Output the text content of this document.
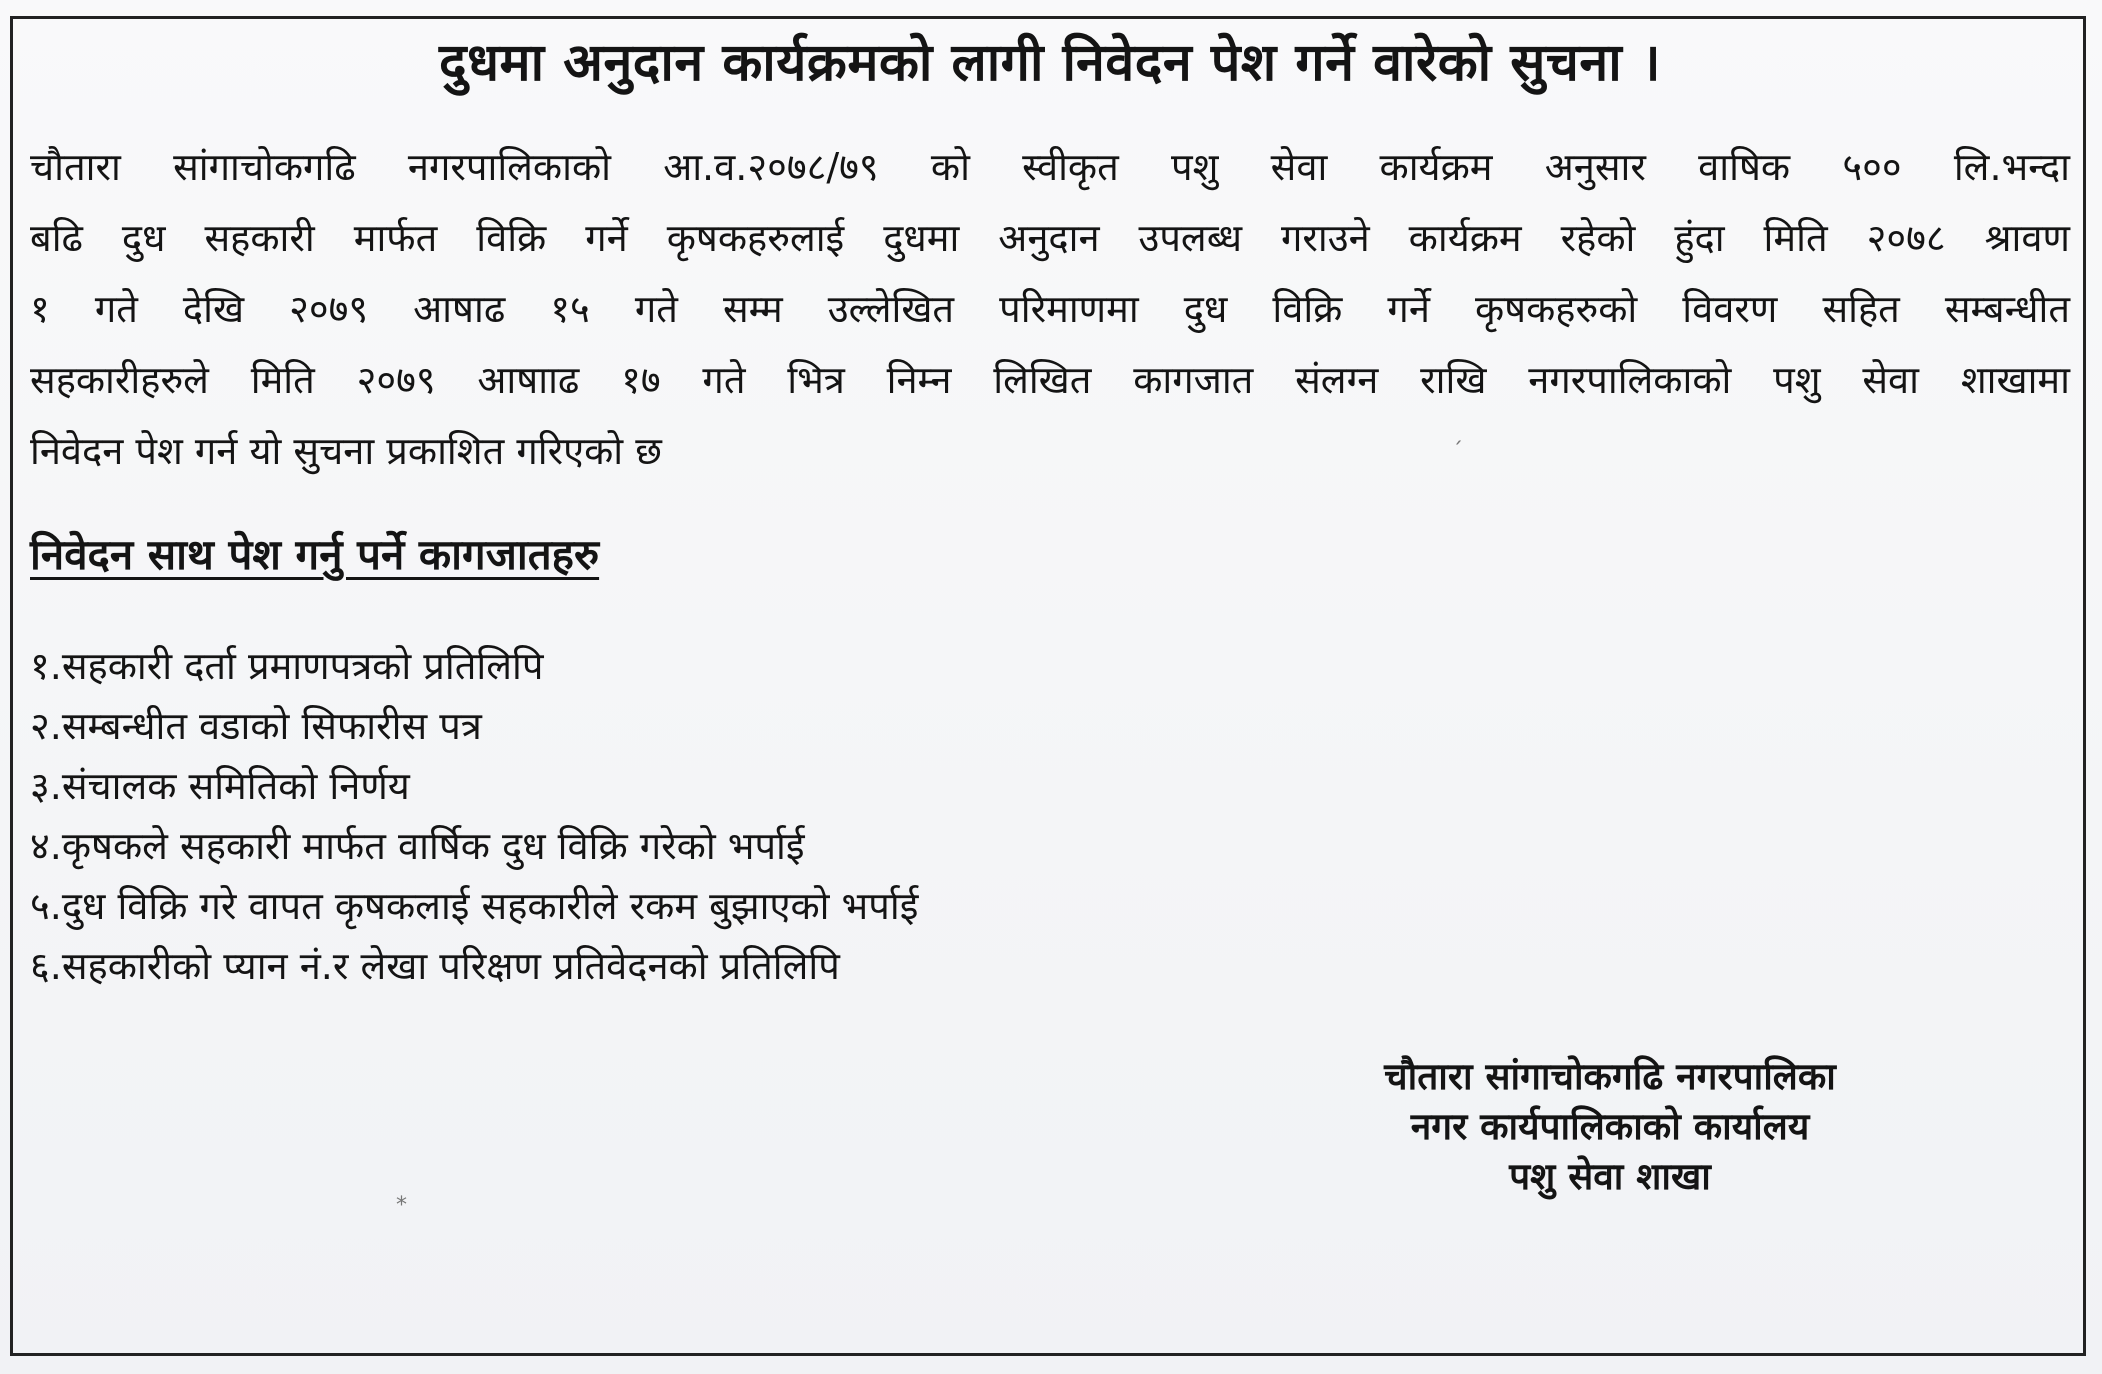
दुधमा अनुदान कार्यक्रमको लागी निवेदन पेश गर्ने वारेको सुचना ।
चौतारा सांगाचोकगढि नगरपालिकाको आ.व.२०७८/७९ को स्वीकृत पशु सेवा कार्यक्रम अनुसार वाषिक ५०० लि.भन्दा
बढि दुध सहकारी मार्फत विक्रि गर्ने कृषकहरुलाई दुधमा अनुदान उपलब्ध गराउने कार्यक्रम रहेको हुंदा मिति २०७८ श्रावण
१ गते देखि २०७९ आषाढ १५ गते सम्म उल्लेखित परिमाणमा दुध विक्रि गर्ने कृषकहरुको विवरण सहित सम्बन्धीत
सहकारीहरुले मिति २०७९ आषााढ १७ गते भित्र निम्न लिखित कागजात संलग्न राखि नगरपालिकाको पशु सेवा शाखामा
निवेदन पेश गर्न यो सुचना प्रकाशित गरिएको छ
निवेदन साथ पेश गर्नु पर्ने कागजातहरु
१.सहकारी दर्ता प्रमाणपत्रको प्रतिलिपि
२.सम्बन्धीत वडाको सिफारीस पत्र
३.संचालक समितिको निर्णय
४.कृषकले सहकारी मार्फत वार्षिक दुध विक्रि गरेको भर्पाई
५.दुध विक्रि गरे वापत कृषकलाई सहकारीले रकम बुझाएको भर्पाई
६.सहकारीको प्यान नं.र लेखा परिक्षण प्रतिवेदनको प्रतिलिपि
चौतारा सांगाचोकगढि नगरपालिका
नगर कार्यपालिकाको कार्यालय
पशु सेवा शाखा
ˏ
⁎
